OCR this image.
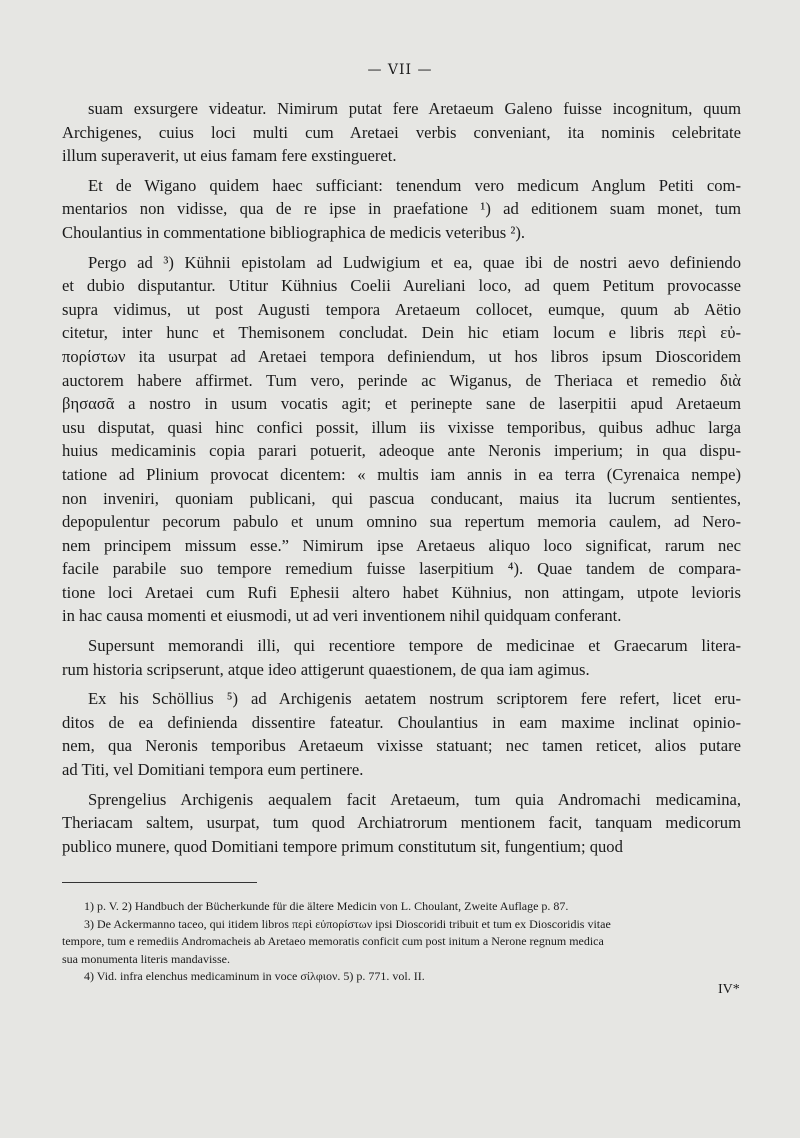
— VII —

suam exsurgere videatur. Nimirum putat fere Aretaeum Galeno fuisse incognitum, quum
Archigenes, cuius loci multi cum Aretaei verbis conveniant, ita nominis celebritate
illum superaverit, ut eius famam fere exstingueret.

Et de Wigano quidem haec sufficiant: tenendum vero medicum Anglum Petiti com-
mentarios non vidisse, qua de re ipse in praefatione ¹) ad editionem suam monet, tum
Choulantius in commentatione bibliographica de medicis veteribus ²).

Pergo ad ³) Kühnii epistolam ad Ludwigium et ea, quae ibi de nostri aevo definiendo
et dubio disputantur. Utitur Kühnius Coelii Aureliani loco, ad quem Petitum provocasse
supra vidimus, ut post Augusti tempora Aretaeum collocet, eumque, quum ab Aëtio
citetur, inter hunc et Themisonem concludat. Dein hic etiam locum e libris περὶ εὐ-
πορίστων ita usurpat ad Aretaei tempora definiendum, ut hos libros ipsum Dioscoridem
auctorem habere affirmet. Tum vero, perinde ac Wiganus, de Theriaca et remedio διὰ
βησασᾶ a nostro in usum vocatis agit; et perinepte sane de laserpitii apud Aretaeum
usu disputat, quasi hinc confici possit, illum iis vixisse temporibus, quibus adhuc larga
huius medicaminis copia parari potuerit, adeoque ante Neronis imperium; in qua dispu-
tatione ad Plinium provocat dicentem: « multis iam annis in ea terra (Cyrenaica nempe)
non inveniri, quoniam publicani, qui pascua conducant, maius ita lucrum sentientes,
depopulentur pecorum pabulo et unum omnino sua repertum memoria caulem, ad Nero-
nem principem missum esse.” Nimirum ipse Aretaeus aliquo loco significat, rarum nec
facile parabile suo tempore remedium fuisse laserpitium ⁴). Quae tandem de compara-
tione loci Aretaei cum Rufi Ephesii altero habet Kühnius, non attingam, utpote levioris
in hac causa momenti et eiusmodi, ut ad veri inventionem nihil quidquam conferant.

Supersunt memorandi illi, qui recentiore tempore de medicinae et Graecarum litera-
rum historia scripserunt, atque ideo attigerunt quaestionem, de qua iam agimus.

Ex his Schöllius ⁵) ad Archigenis aetatem nostrum scriptorem fere refert, licet eru-
ditos de ea definienda dissentire fateatur. Choulantius in eam maxime inclinat opinio-
nem, qua Neronis temporibus Aretaeum vixisse statuant; nec tamen reticet, alios putare
ad Titi, vel Domitiani tempora eum pertinere.

Sprengelius Archigenis aequalem facit Aretaeum, tum quia Andromachi medicamina,
Theriacam saltem, usurpat, tum quod Archiatrorum mentionem facit, tanquam medicorum
publico munere, quod Domitiani tempore primum constitutum sit, fungentium; quod

1) p. V. 2) Handbuch der Bücherkunde für die ältere Medicin von L. Choulant, Zweite Auflage p. 87.
3) De Ackermanno taceo, qui itidem libros περὶ εὐπορίστων ipsi Dioscoridi tribuit et tum ex Dioscoridis vitae
tempore, tum e remediis Andromacheis ab Aretaeo memoratis conficit cum post initum a Nerone regnum medica
sua monumenta literis mandavisse.
4) Vid. infra elenchus medicaminum in voce σίλφιον. 5) p. 771. vol. II.
IV*
